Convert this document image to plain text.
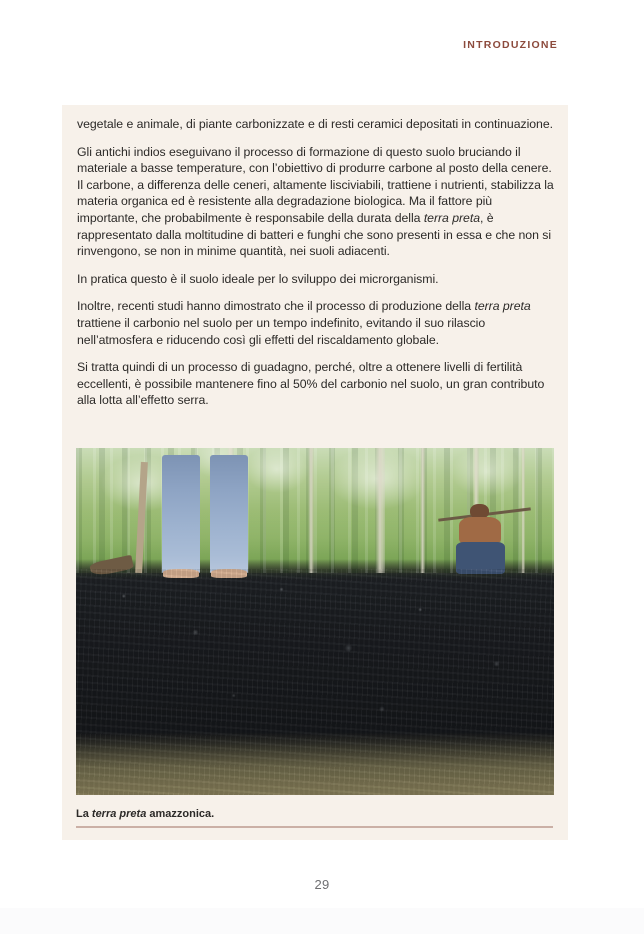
INTRODUZIONE

vegetale e animale, di piante carbonizzate e di resti ceramici depositati in continuazione.

Gli antichi indios eseguivano il processo di formazione di questo suolo bruciando il materiale a basse temperature, con l’obiettivo di produrre carbone al posto della cenere. Il carbone, a differenza delle ceneri, altamente lisciviabili, trattiene i nutrienti, stabilizza la materia organica ed è resistente alla degradazione biologica. Ma il fattore più importante, che probabilmente è responsabile della durata della terra preta, è rappresentato dalla moltitudine di batteri e funghi che sono presenti in essa e che non si rinvengono, se non in minime quantità, nei suoli adiacenti.

In pratica questo è il suolo ideale per lo sviluppo dei microrganismi.

Inoltre, recenti studi hanno dimostrato che il processo di produzione della terra preta trattiene il carbonio nel suolo per un tempo indefinito, evitando il suo rilascio nell’atmosfera e riducendo così gli effetti del riscaldamento globale.

Si tratta quindi di un processo di guadagno, perché, oltre a ottenere livelli di fertilità eccellenti, è possibile mantenere fino al 50% del carbonio nel suolo, un gran contributo alla lotta all’effetto serra.

La terra preta amazzonica.
29
